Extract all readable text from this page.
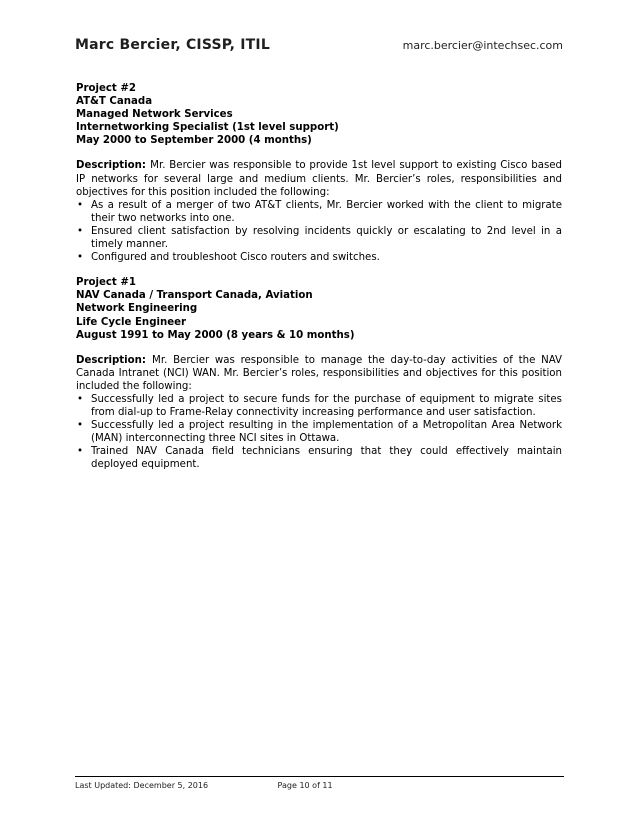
Marc Bercier, CISSP, ITIL	marc.bercier@intechsec.com
Project #2
AT&T Canada
Managed Network Services
Internetworking Specialist (1st level support)
May 2000 to September 2000 (4 months)
Description: Mr. Bercier was responsible to provide 1st level support to existing Cisco based IP networks for several large and medium clients. Mr. Bercier’s roles, responsibilities and objectives for this position included the following:
• As a result of a merger of two AT&T clients, Mr. Bercier worked with the client to migrate their two networks into one.
• Ensured client satisfaction by resolving incidents quickly or escalating to 2nd level in a timely manner.
• Configured and troubleshoot Cisco routers and switches.
Project #1
NAV Canada / Transport Canada, Aviation
Network Engineering
Life Cycle Engineer
August 1991 to May 2000 (8 years & 10 months)
Description: Mr. Bercier was responsible to manage the day-to-day activities of the NAV Canada Intranet (NCI) WAN. Mr. Bercier’s roles, responsibilities and objectives for this position included the following:
• Successfully led a project to secure funds for the purchase of equipment to migrate sites from dial-up to Frame-Relay connectivity increasing performance and user satisfaction.
• Successfully led a project resulting in the implementation of a Metropolitan Area Network (MAN) interconnecting three NCI sites in Ottawa.
• Trained NAV Canada field technicians ensuring that they could effectively maintain deployed equipment.
Last Updated: December 5, 2016	Page 10 of 11
